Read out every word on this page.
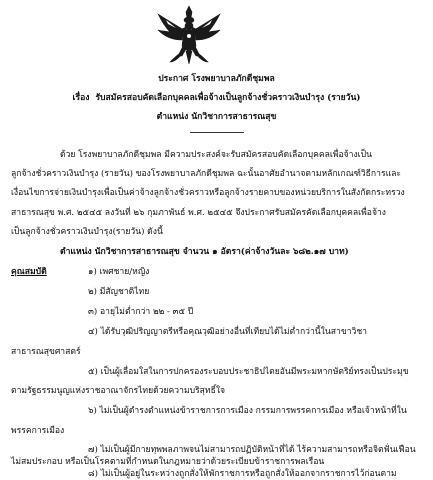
ประกาศ โรงพยาบาลภักดีชุมพล
เรื่อง รับสมัครสอบคัดเลือกบุคคลเพื่อจ้างเป็นลูกจ้างชั่วคราวเงินบำรุง (รายวัน)
ตำแหน่ง นักวิชาการสาธารณสุข
ด้วย โรงพยาบาลภักดีชุมพล มีความประสงค์จะรับสมัครสอบคัดเลือกบุคคลเพื่อจ้างเป็น
ลูกจ้างชั่วคราวเงินบำรุง (รายวัน) ของโรงพยาบาลภักดีชุมพล ฉะนั้นอาศัยอำนาจตามหลักเกณฑ์วิธีการและ
เงื่อนไขการจ่ายเงินบำรุงเพื่อเป็นค่าจ้างลูกจ้างชั่วคราวหรือลูกจ้างรายคาบของหน่วยบริการในสังกัดกระทรวง
สาธารณสุข พ.ศ. ๒๕๔๕ ลงวันที่ ๒๖ กุมภาพันธ์ พ.ศ. ๒๕๔๕ จึงประกาศรับสมัครคัดเลือกบุคคลเพื่อจ้าง
เป็นลูกจ้างชั่วคราวเงินบำรุง(รายวัน) ดังนี้
ตำแหน่ง นักวิชาการสาธารณสุข จำนวน ๑ อัตรา(ค่าจ้างวันละ ๖๘๒.๑๗ บาท)
คุณสมบัติ	๑) เพศชาย/หญิง
๒) มีสัญชาติไทย
๓) อายุไม่ต่ำกว่า ๒๒ - ๓๕ ปี
๔) ได้รับวุฒิปริญญาตรีหรือคุณวุฒิอย่างอื่นที่เทียบได้ไม่ต่ำกว่านี้ในสาขาวิชา
สาธารณสุขศาสตร์
๕) เป็นผู้เลื่อมใสในการปกครองระบอบประชาธิปไตยอันมีพระมหากษัตริย์ทรงเป็นประมุข
ตามรัฐธรรมนูญแห่งราชอาณาจักรไทยด้วยความบริสุทธิ์ใจ
๖) ไม่เป็นผู้ดำรงตำแหน่งข้าราชการการเมือง กรรมการพรรคการเมือง หรือเจ้าหน้าที่ใน
พรรคการเมือง
๗) ไม่เป็นผู้มีกายทุพพลภาพจนไม่สามารถปฏิบัติหน้าที่ได้ ไร้ความสามารถหรือจิตฟั่นเฟือน
ไม่สมประกอบ หรือเป็นโรคตามที่กำหนดในกฎหมายว่าด้วยระเบียบข้าราชการพลเรือน
๘) ไม่เป็นผู้อยู่ในระหว่างถูกสั่งให้พักราชการหรือถูกสั่งให้ออกจากราชการไว้ก่อนตาม
